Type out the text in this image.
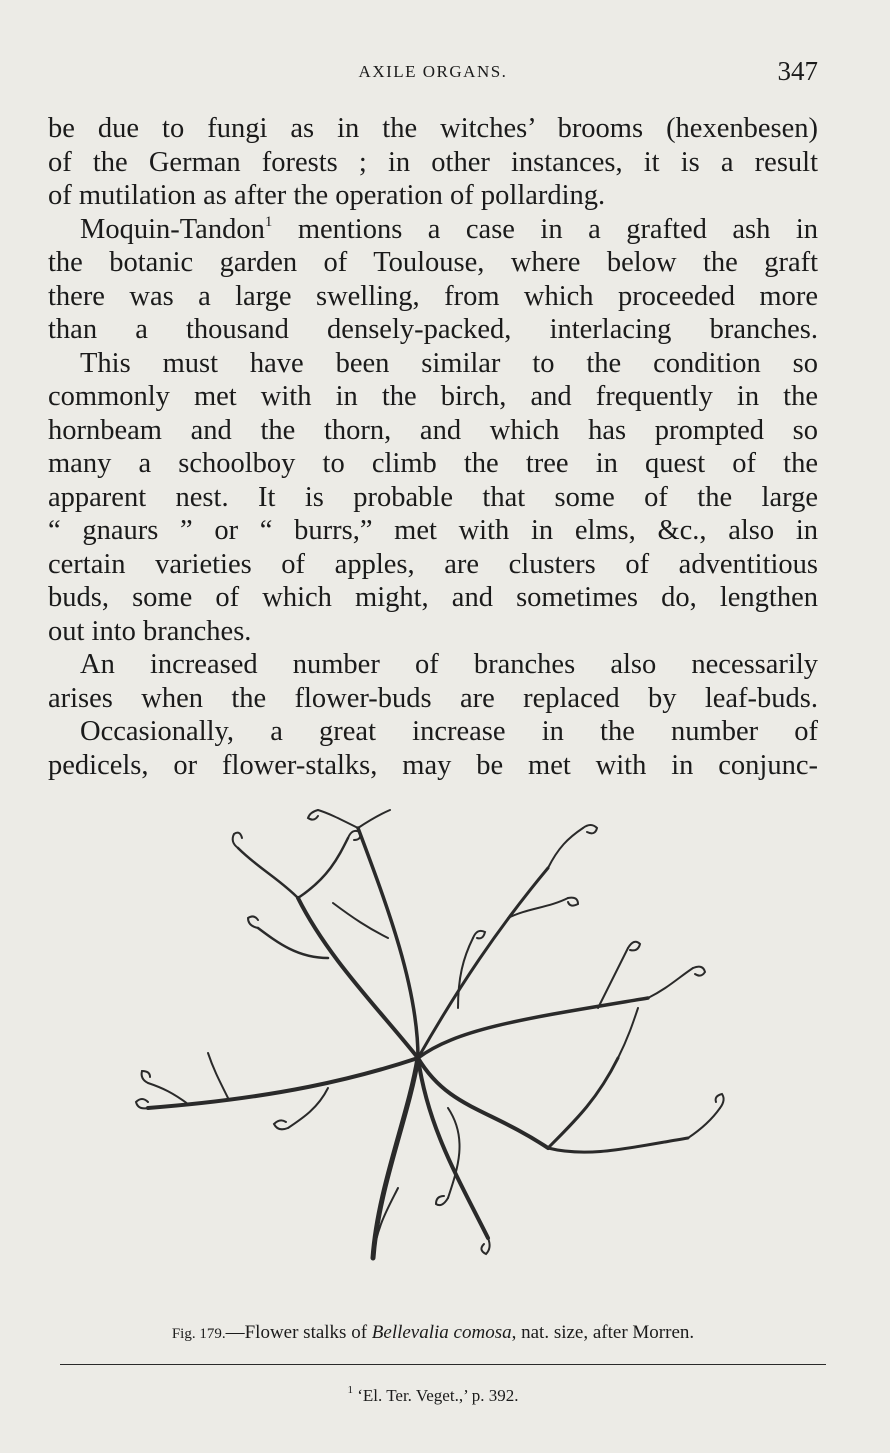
AXILE ORGANS.	347
be due to fungi as in the witches’ brooms (hexenbesen)
of the German forests ; in other instances, it is a result
of mutilation as after the operation of pollarding.
Moquin-Tandon$^1$ mentions a case in a grafted ash in
the botanic garden of Toulouse, where below the graft
there was a large swelling, from which proceeded more
than a thousand densely-packed, interlacing branches.
This must have been similar to the condition so
commonly met with in the birch, and frequently in the
hornbeam and the thorn, and which has prompted so
many a schoolboy to climb the tree in quest of the
apparent nest. It is probable that some of the large
“ gnaurs ” or “ burrs,” met with in elms, &c., also in
certain varieties of apples, are clusters of adventitious
buds, some of which might, and sometimes do, lengthen
out into branches.
An increased number of branches also necessarily
arises when the flower-buds are replaced by leaf-buds.
Occasionally, a great increase in the number of
pedicels, or flower-stalks, may be met with in conjunc-
Fig. 179.—Flower stalks of Bellevalia comosa, nat. size, after Morren.
$^1$ ‘El. Ter. Veget.,’ p. 392.
